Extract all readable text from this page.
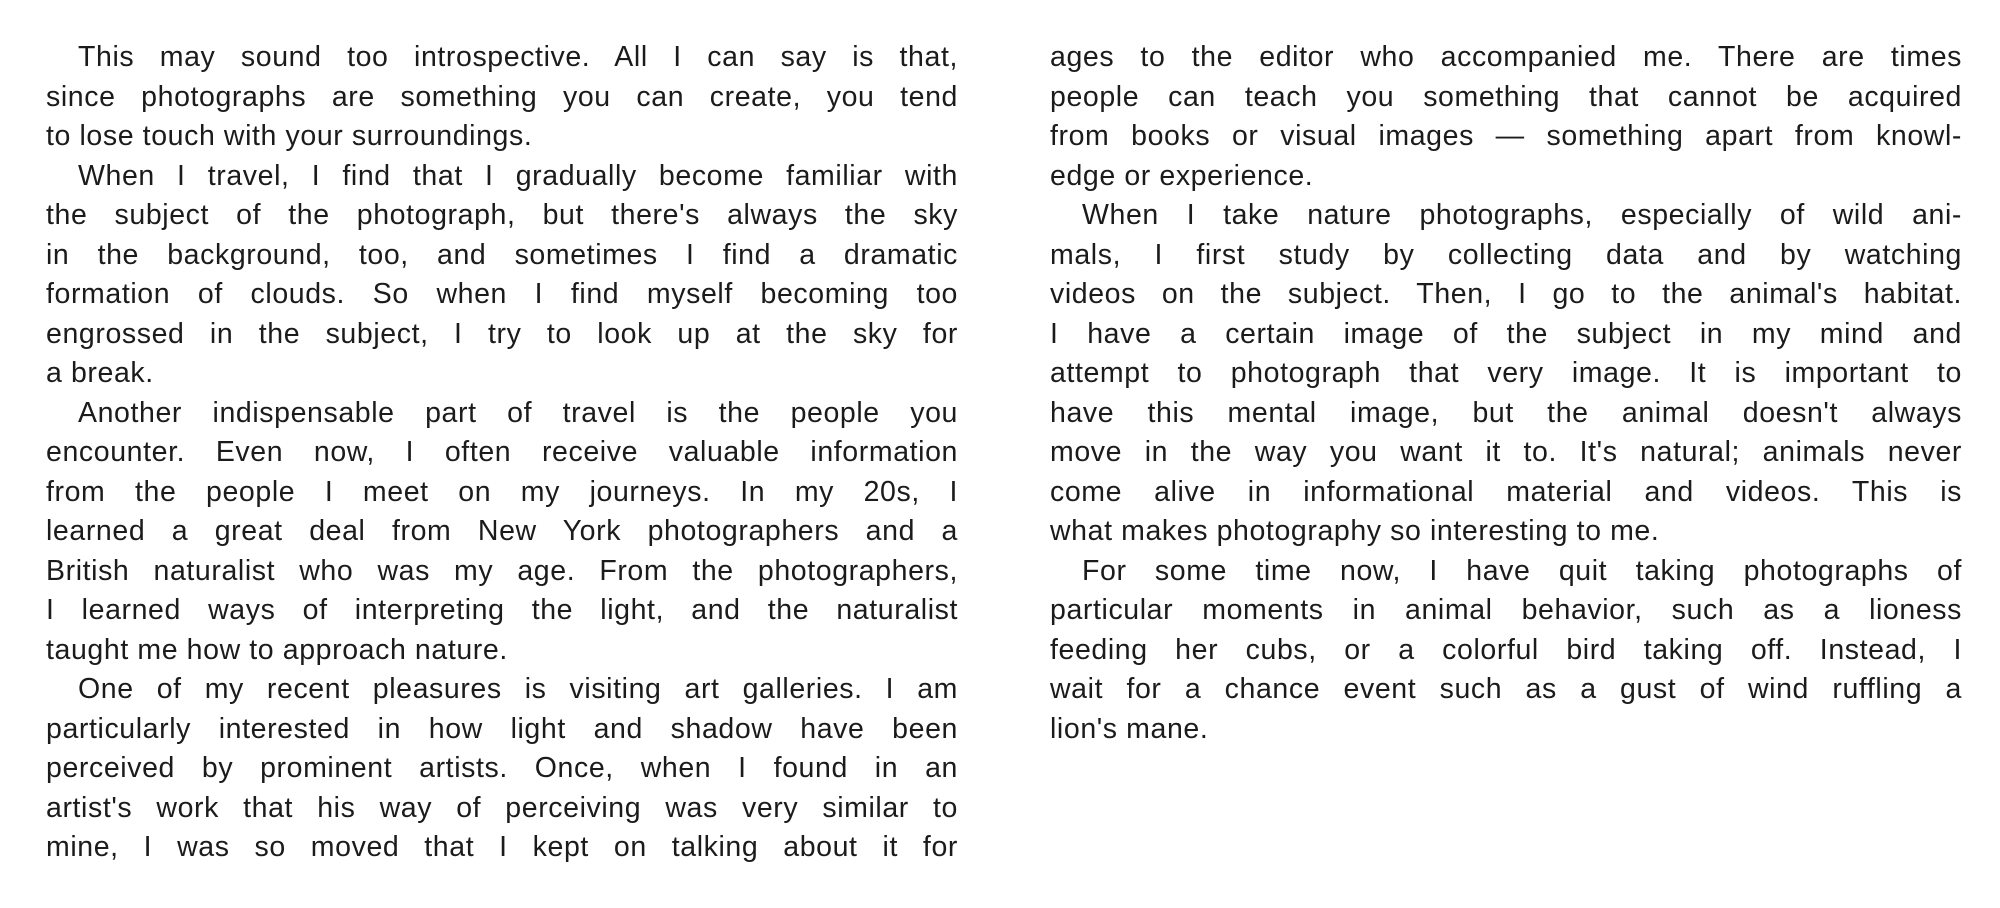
This may sound too introspective. All I can say is that,
since photographs are something you can create, you tend
to lose touch with your surroundings.
When I travel, I find that I gradually become familiar with
the subject of the photograph, but there's always the sky
in the background, too, and sometimes I find a dramatic
formation of clouds. So when I find myself becoming too
engrossed in the subject, I try to look up at the sky for
a break.
Another indispensable part of travel is the people you
encounter. Even now, I often receive valuable information
from the people I meet on my journeys. In my 20s, I
learned a great deal from New York photographers and a
British naturalist who was my age. From the photographers,
I learned ways of interpreting the light, and the naturalist
taught me how to approach nature.
One of my recent pleasures is visiting art galleries. I am
particularly interested in how light and shadow have been
perceived by prominent artists. Once, when I found in an
artist's work that his way of perceiving was very similar to
mine, I was so moved that I kept on talking about it for
ages to the editor who accompanied me. There are times
people can teach you something that cannot be acquired
from books or visual images — something apart from knowl-
edge or experience.
When I take nature photographs, especially of wild ani-
mals, I first study by collecting data and by watching
videos on the subject. Then, I go to the animal's habitat.
I have a certain image of the subject in my mind and
attempt to photograph that very image. It is important to
have this mental image, but the animal doesn't always
move in the way you want it to. It's natural; animals never
come alive in informational material and videos. This is
what makes photography so interesting to me.
For some time now, I have quit taking photographs of
particular moments in animal behavior, such as a lioness
feeding her cubs, or a colorful bird taking off. Instead, I
wait for a chance event such as a gust of wind ruffling a
lion's mane.
